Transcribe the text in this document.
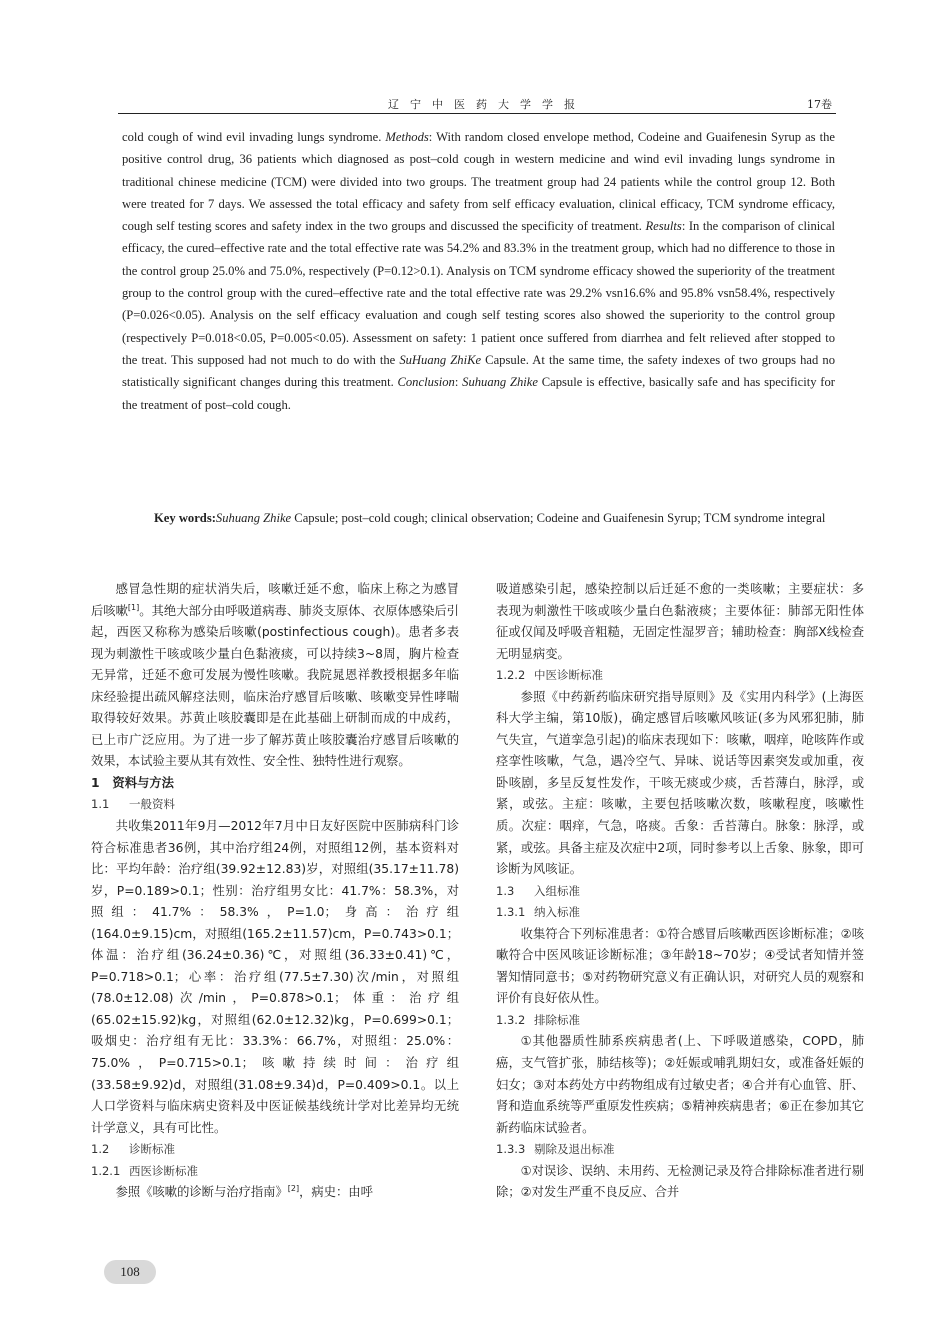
辽宁中医药大学学报	17卷

cold cough of wind evil invading lungs syndrome. Methods: With random closed envelope method, Codeine and Guaifenesin Syrup as the positive control drug, 36 patients which diagnosed as post–cold cough in western medicine and wind evil invading lungs syndrome in traditional chinese medicine (TCM) were divided into two groups. The treatment group had 24 patients while the control group 12. Both were treated for 7 days. We assessed the total efficacy and safety from self efficacy evaluation, clinical efficacy, TCM syndrome efficacy, cough self testing scores and safety index in the two groups and discussed the specificity of treatment. Results: In the comparison of clinical efficacy, the cured–effective rate and the total effective rate was 54.2% and 83.3% in the treatment group, which had no difference to those in the control group 25.0% and 75.0%, respectively (P=0.12>0.1). Analysis on TCM syndrome efficacy showed the superiority of the treatment group to the control group with the cured–effective rate and the total effective rate was 29.2% vsn16.6% and 95.8% vsn58.4%, respectively (P=0.026<0.05). Analysis on the self efficacy evaluation and cough self testing scores also showed the superiority to the control group (respectively P=0.018<0.05, P=0.005<0.05). Assessment on safety: 1 patient once suffered from diarrhea and felt relieved after stopped to the treat. This supposed had not much to do with the SuHuang ZhiKe Capsule. At the same time, the safety indexes of two groups had no statistically significant changes during this treatment. Conclusion: Suhuang Zhike Capsule is effective, basically safe and has specificity for the treatment of post–cold cough.

Key words:Suhuang Zhike Capsule; post–cold cough; clinical observation; Codeine and Guaifenesin Syrup; TCM syndrome integral

感冒急性期的症状消失后，咳嗽迁延不愈，临床上称之为感冒后咳嗽[1]。其绝大部分由呼吸道病毒、肺炎支原体、衣原体感染后引起，西医又称称为感染后咳嗽(postinfectious cough)。患者多表现为刺激性干咳或咳少量白色黏液痰，可以持续3~8周，胸片检查无异常，迁延不愈可发展为慢性咳嗽。我院晁恩祥教授根据多年临床经验提出疏风解痉法则，临床治疗感冒后咳嗽、咳嗽变异性哮喘取得较好效果。苏黄止咳胶囊即是在此基础上研制而成的中成药，已上市广泛应用。为了进一步了解苏黄止咳胶囊治疗感冒后咳嗽的效果，本试验主要从其有效性、安全性、独特性进行观察。

1 资料与方法

1.1 一般资料

共收集2011年9月—2012年7月中日友好医院中医肺病科门诊符合标准患者36例，其中治疗组24例，对照组12例，基本资料对比：平均年龄：治疗组(39.92±12.83)岁，对照组(35.17±11.78)岁，P=0.189>0.1；性别：治疗组男女比：41.7%：58.3%，对照组：41.7%：58.3%，P=1.0；身高：治疗组(164.0±9.15)cm，对照组(165.2±11.57)cm，P=0.743>0.1；体温：治疗组(36.24±0.36)℃，对照组(36.33±0.41)℃，P=0.718>0.1；心率：治疗组(77.5±7.30)次/min，对照组(78.0±12.08)次/min，P=0.878>0.1；体重：治疗组(65.02±15.92)kg，对照组(62.0±12.32)kg，P=0.699>0.1；吸烟史：治疗组有无比：33.3%：66.7%，对照组：25.0%：75.0%，P=0.715>0.1；咳嗽持续时间：治疗组(33.58±9.92)d，对照组(31.08±9.34)d，P=0.409>0.1。以上人口学资料与临床病史资料及中医证候基线统计学对比差异均无统计学意义，具有可比性。

1.2 诊断标准

1.2.1 西医诊断标准

参照《咳嗽的诊断与治疗指南》[2]，病史：由呼

吸道感染引起，感染控制以后迁延不愈的一类咳嗽；主要症状：多表现为刺激性干咳或咳少量白色黏液痰；主要体征：肺部无阳性体征或仅闻及呼吸音粗糙，无固定性湿罗音；辅助检查：胸部X线检查无明显病变。

1.2.2 中医诊断标准

参照《中药新药临床研究指导原则》及《实用内科学》(上海医科大学主编，第10版)，确定感冒后咳嗽风咳证(多为风邪犯肺，肺气失宣，气道挛急引起)的临床表现如下：咳嗽，咽痒，呛咳阵作或痉挛性咳嗽，气急，遇冷空气、异味、说话等因素突发或加重，夜卧咳剧，多呈反复性发作，干咳无痰或少痰，舌苔薄白，脉浮，或紧，或弦。主症：咳嗽，主要包括咳嗽次数，咳嗽程度，咳嗽性质。次症：咽痒，气急，咯痰。舌象：舌苔薄白。脉象：脉浮，或紧，或弦。具备主症及次症中2项，同时参考以上舌象、脉象，即可诊断为风咳证。

1.3 入组标准

1.3.1 纳入标准

收集符合下列标准患者：①符合感冒后咳嗽西医诊断标准；②咳嗽符合中医风咳证诊断标准；③年龄18~70岁；④受试者知情并签署知情同意书；⑤对药物研究意义有正确认识，对研究人员的观察和评价有良好依从性。

1.3.2 排除标准

①其他器质性肺系疾病患者(上、下呼吸道感染，COPD，肺癌，支气管扩张，肺结核等)；②妊娠或哺乳期妇女，或准备妊娠的妇女；③对本药处方中药物组成有过敏史者；④合并有心血管、肝、肾和造血系统等严重原发性疾病；⑤精神疾病患者；⑥正在参加其它新药临床试验者。

1.3.3 剔除及退出标准

①对误诊、误纳、未用药、无检测记录及符合排除标准者进行剔除；②对发生严重不良反应、合并

108
